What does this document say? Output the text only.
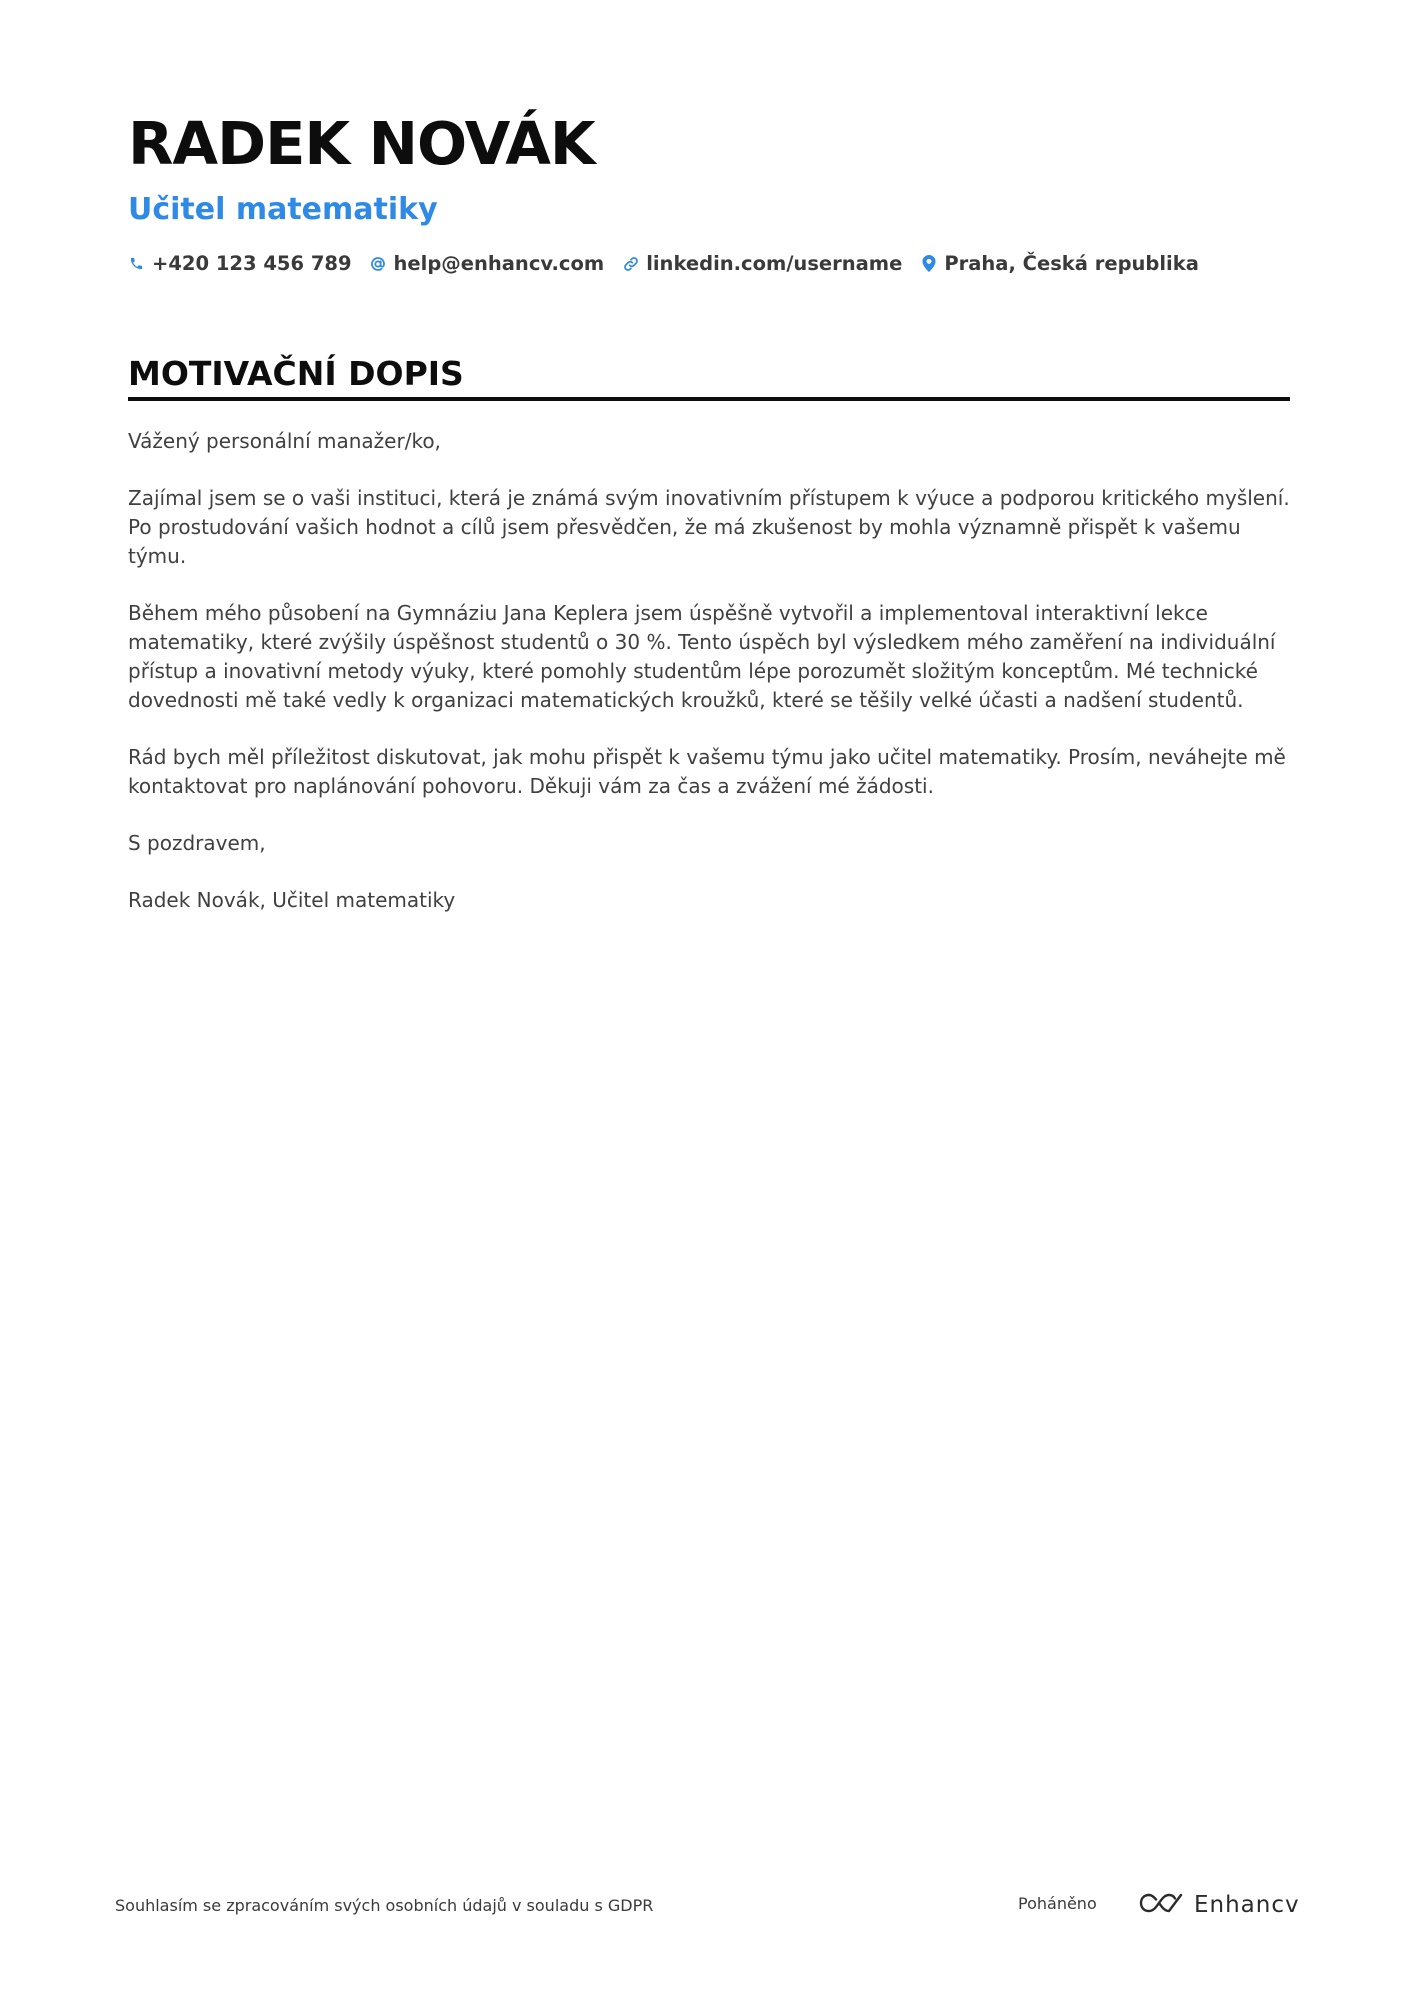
RADEK NOVÁK
Učitel matematiky
+420 123 456 789 help@enhancv.com linkedin.com/username Praha, Česká republika
MOTIVAČNÍ DOPIS

Vážený personální manažer/ko,

Zajímal jsem se o vaši instituci, která je známá svým inovativním přístupem k výuce a podporou kritického myšlení. Po prostudování vašich hodnot a cílů jsem přesvědčen, že má zkušenost by mohla významně přispět k vašemu týmu.

Během mého působení na Gymnáziu Jana Keplera jsem úspěšně vytvořil a implementoval interaktivní lekce matematiky, které zvýšily úspěšnost studentů o 30 %. Tento úspěch byl výsledkem mého zaměření na individuální přístup a inovativní metody výuky, které pomohly studentům lépe porozumět složitým konceptům. Mé technické dovednosti mě také vedly k organizaci matematických kroužků, které se těšily velké účasti a nadšení studentů.

Rád bych měl příležitost diskutovat, jak mohu přispět k vašemu týmu jako učitel matematiky. Prosím, neváhejte mě kontaktovat pro naplánování pohovoru. Děkuji vám za čas a zvážení mé žádosti.

S pozdravem,

Radek Novák, Učitel matematiky

Souhlasím se zpracováním svých osobních údajů v souladu s GDPR	Poháněno	Enhancv
